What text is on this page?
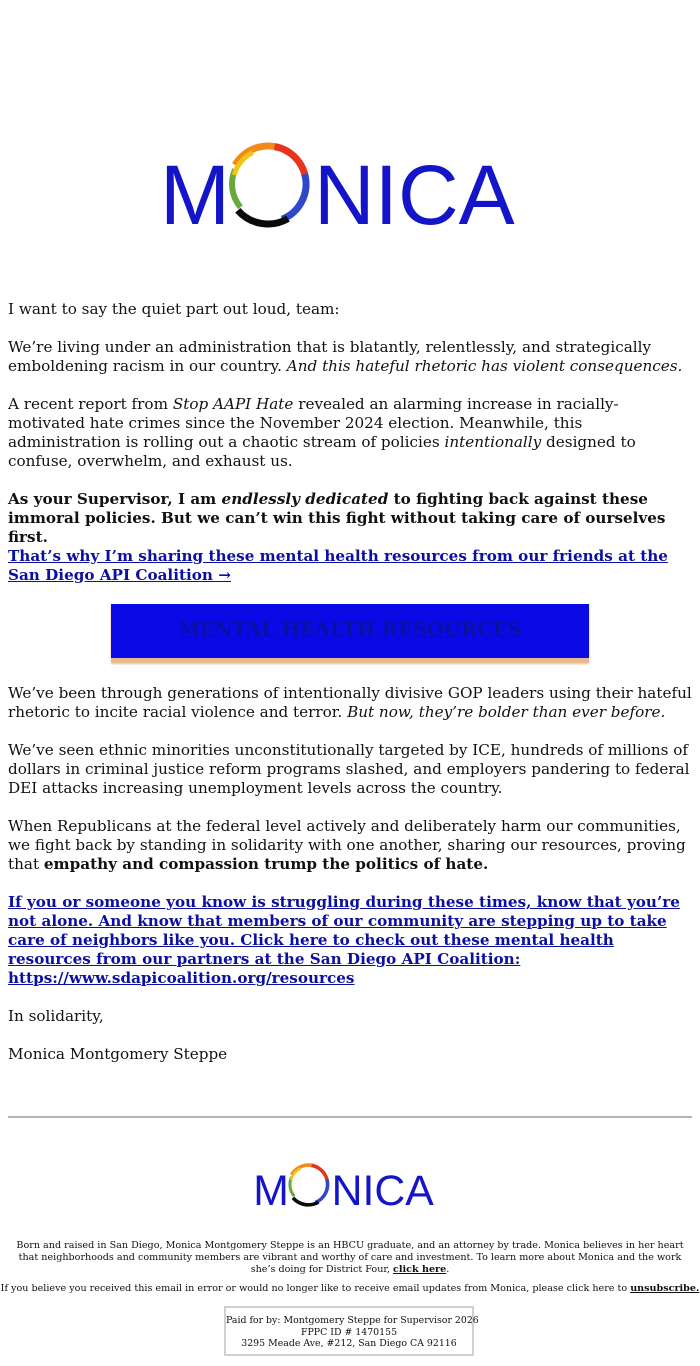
M NICA

I want to say the quiet part out loud, team:

We’re living under an administration that is blatantly, relentlessly, and strategically emboldening racism in our country. And this hateful rhetoric has violent consequences.

A recent report from Stop AAPI Hate revealed an alarming increase in racially-motivated hate crimes since the November 2024 election. Meanwhile, this administration is rolling out a chaotic stream of policies intentionally designed to confuse, overwhelm, and exhaust us.

As your Supervisor, I am endlessly dedicated to fighting back against these immoral policies. But we can’t win this fight without taking care of ourselves first.
That’s why I’m sharing these mental health resources from our friends at the San Diego API Coalition →

MENTAL HEALTH RESOURCES

We’ve been through generations of intentionally divisive GOP leaders using their hateful rhetoric to incite racial violence and terror. But now, they’re bolder than ever before.

We’ve seen ethnic minorities unconstitutionally targeted by ICE, hundreds of millions of dollars in criminal justice reform programs slashed, and employers pandering to federal DEI attacks increasing unemployment levels across the country.

When Republicans at the federal level actively and deliberately harm our communities, we fight back by standing in solidarity with one another, sharing our resources, proving that empathy and compassion trump the politics of hate.

If you or someone you know is struggling during these times, know that you’re not alone. And know that members of our community are stepping up to take care of neighbors like you. Click here to check out these mental health resources from our partners at the San Diego API Coalition: https://www.sdapicoalition.org/resources

In solidarity,

Monica Montgomery Steppe

M NICA
Born and raised in San Diego, Monica Montgomery Steppe is an HBCU graduate, and an attorney by trade. Monica believes in her heart that neighborhoods and community members are vibrant and worthy of care and investment. To learn more about Monica and the work she’s doing for District Four, click here.
If you believe you received this email in error or would no longer like to receive email updates from Monica, please click here to unsubscribe.
Paid for by: Montgomery Steppe for Supervisor 2026
FPPC ID # 1470155
3295 Meade Ave, #212, San Diego CA 92116
